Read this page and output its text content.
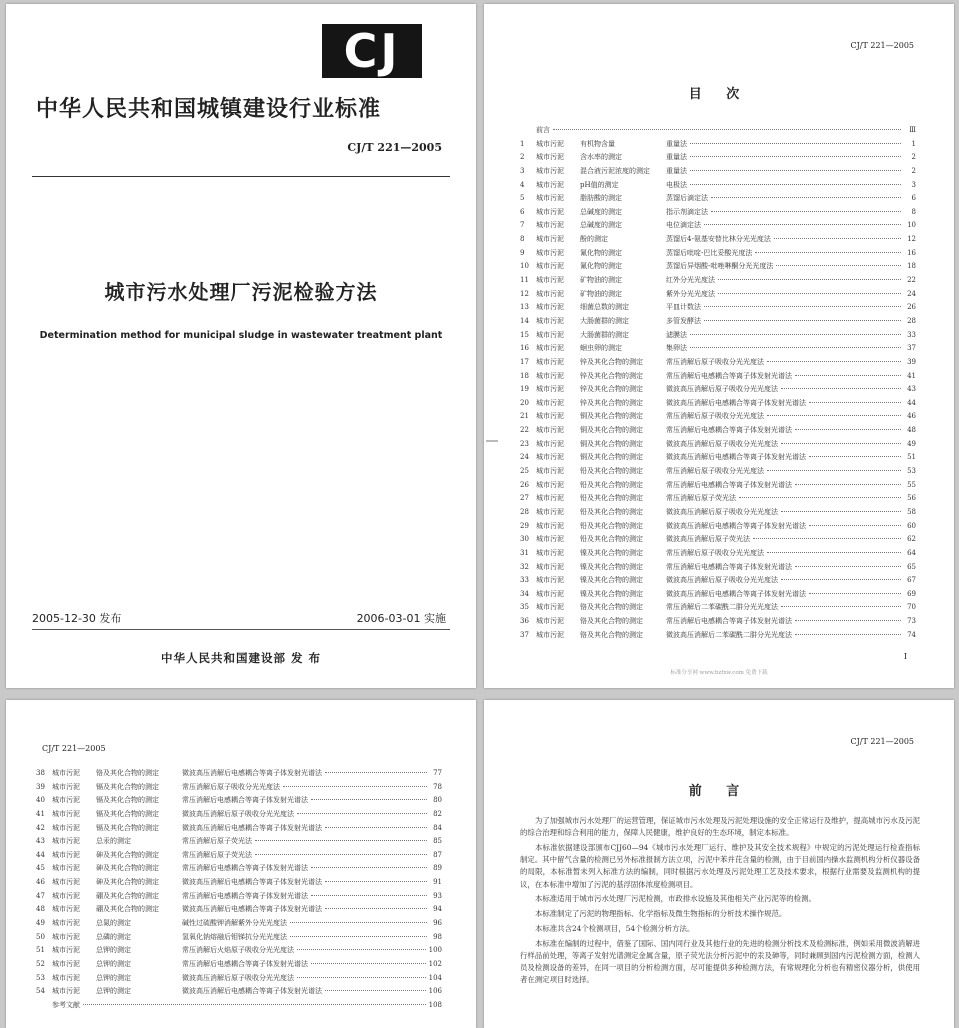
CJ
中华人民共和国城镇建设行业标准
CJ/T 221—2005
城市污水处理厂污泥检验方法
Determination method for municipal sludge in wastewater treatment plant
2005-12-30 发布	2006-03-01 实施
中华人民共和国建设部 发 布
CJ/T 221—2005
目 次
前言	Ⅲ
1	城市污泥	有机物含量	重量法	1
2	城市污泥	含水率的测定	重量法	2
3	城市污泥	混合液污泥浓度的测定	重量法	2
4	城市污泥	pH值的测定	电极法	3
5	城市污泥	脂肪酸的测定	蒸馏后滴定法	6
6	城市污泥	总碱度的测定	指示剂滴定法	8
7	城市污泥	总碱度的测定	电位滴定法	10
8	城市污泥	酚的测定	蒸馏后4-氨基安替比林分光光度法	12
9	城市污泥	氰化物的测定	蒸馏后吡啶-巴比妥酸光度法	16
10	城市污泥	氰化物的测定	蒸馏后异烟酸-吡唑啉酮分光光度法	18
11	城市污泥	矿物油的测定	红外分光光度法	22
12	城市污泥	矿物油的测定	紫外分光光度法	24
13	城市污泥	细菌总数的测定	平皿计数法	26
14	城市污泥	大肠菌群的测定	多管发酵法	28
15	城市污泥	大肠菌群的测定	滤膜法	33
16	城市污泥	蛔虫卵的测定	集卵法	37
17	城市污泥	锌及其化合物的测定	常压消解后原子吸收分光光度法	39
18	城市污泥	锌及其化合物的测定	常压消解后电感耦合等离子体发射光谱法	41
19	城市污泥	锌及其化合物的测定	微波高压消解后原子吸收分光光度法	43
20	城市污泥	锌及其化合物的测定	微波高压消解后电感耦合等离子体发射光谱法	44
21	城市污泥	铜及其化合物的测定	常压消解后原子吸收分光光度法	46
22	城市污泥	铜及其化合物的测定	常压消解后电感耦合等离子体发射光谱法	48
23	城市污泥	铜及其化合物的测定	微波高压消解后原子吸收分光光度法	49
24	城市污泥	铜及其化合物的测定	微波高压消解后电感耦合等离子体发射光谱法	51
25	城市污泥	铅及其化合物的测定	常压消解后原子吸收分光光度法	53
26	城市污泥	铅及其化合物的测定	常压消解后电感耦合等离子体发射光谱法	55
27	城市污泥	铅及其化合物的测定	常压消解后原子荧光法	56
28	城市污泥	铅及其化合物的测定	微波高压消解后原子吸收分光光度法	58
29	城市污泥	铅及其化合物的测定	微波高压消解后电感耦合等离子体发射光谱法	60
30	城市污泥	铅及其化合物的测定	微波高压消解后原子荧光法	62
31	城市污泥	镍及其化合物的测定	常压消解后原子吸收分光光度法	64
32	城市污泥	镍及其化合物的测定	常压消解后电感耦合等离子体发射光谱法	65
33	城市污泥	镍及其化合物的测定	微波高压消解后原子吸收分光光度法	67
34	城市污泥	镍及其化合物的测定	微波高压消解后电感耦合等离子体发射光谱法	69
35	城市污泥	铬及其化合物的测定	常压消解后二苯碳酰二肼分光光度法	70
36	城市污泥	铬及其化合物的测定	常压消解后电感耦合等离子体发射光谱法	73
37	城市污泥	铬及其化合物的测定	微波高压消解后二苯碳酰二肼分光光度法	74
I
标准分享网 www.bzfxw.com 免费下载
CJ/T 221—2005
38	城市污泥	铬及其化合物的测定	微波高压消解后电感耦合等离子体发射光谱法	77
39	城市污泥	镉及其化合物的测定	常压消解后原子吸收分光光度法	78
40	城市污泥	镉及其化合物的测定	常压消解后电感耦合等离子体发射光谱法	80
41	城市污泥	镉及其化合物的测定	微波高压消解后原子吸收分光光度法	82
42	城市污泥	镉及其化合物的测定	微波高压消解后电感耦合等离子体发射光谱法	84
43	城市污泥	总汞的测定	常压消解后原子荧光法	85
44	城市污泥	砷及其化合物的测定	常压消解后原子荧光法	87
45	城市污泥	砷及其化合物的测定	常压消解后电感耦合等离子体发射光谱法	89
46	城市污泥	砷及其化合物的测定	微波高压消解后电感耦合等离子体发射光谱法	91
47	城市污泥	硼及其化合物的测定	常压消解后电感耦合等离子体发射光谱法	93
48	城市污泥	硼及其化合物的测定	微波高压消解后电感耦合等离子体发射光谱法	94
49	城市污泥	总氮的测定	碱性过硫酸钾消解紫外分光光度法	96
50	城市污泥	总磷的测定	氢氧化钠熔融后钼锑抗分光光度法	98
51	城市污泥	总钾的测定	常压消解后火焰原子吸收分光光度法	100
52	城市污泥	总钾的测定	常压消解后电感耦合等离子体发射光谱法	102
53	城市污泥	总钾的测定	微波高压消解后原子吸收分光光度法	104
54	城市污泥	总钾的测定	微波高压消解后电感耦合等离子体发射光谱法	106
参考文献	108
CJ/T 221—2005
前 言

为了加强城市污水处理厂的运营管理，保证城市污水处理及污泥处理设施的安全正常运行及维护，提高城市污水及污泥的综合治理和综合利用的能力，保障人民健康，维护良好的生态环境，制定本标准。

本标准依据建设部颁布CJJ60—94《城市污水处理厂运行、维护及其安全技术规程》中规定的污泥处理运行检查指标制定。其中留气含量的检测已另外标准报制方法立项，污泥中苯并芘含量的检测，由于目前国内操水监测机构分析仪器设备的局限，本标准暂未列入标准方法的编制，同时根据污水处理及污泥处理工艺及技术要求，根据行业需要及监测机构的提议，在本标准中增加了污泥的基浮固体浓度检测项目。

本标准适用于城市污水处理厂污泥检测，市政排水设施及其他相关产业污泥等的检测。

本标准制定了污泥的物理指标、化学指标及微生物指标的分析技术操作规范。

本标准共含24个检测项目，54个检测分析方法。

本标准在编制的过程中，借鉴了国际、国内同行业及其他行业的先进的检测分析技术及检测标准，例如采用微波消解进行样品前处理，等离子发射光谱测定金属含量，原子荧光法分析污泥中的汞及砷等，同时兼顾到国内污泥检测方面，检测人员及检测设备的差异，在同一项目的分析检测方面，尽可能提供多种检测方法，有常规理化分析也有精密仪器分析，供使用者在测定项目时选择。
